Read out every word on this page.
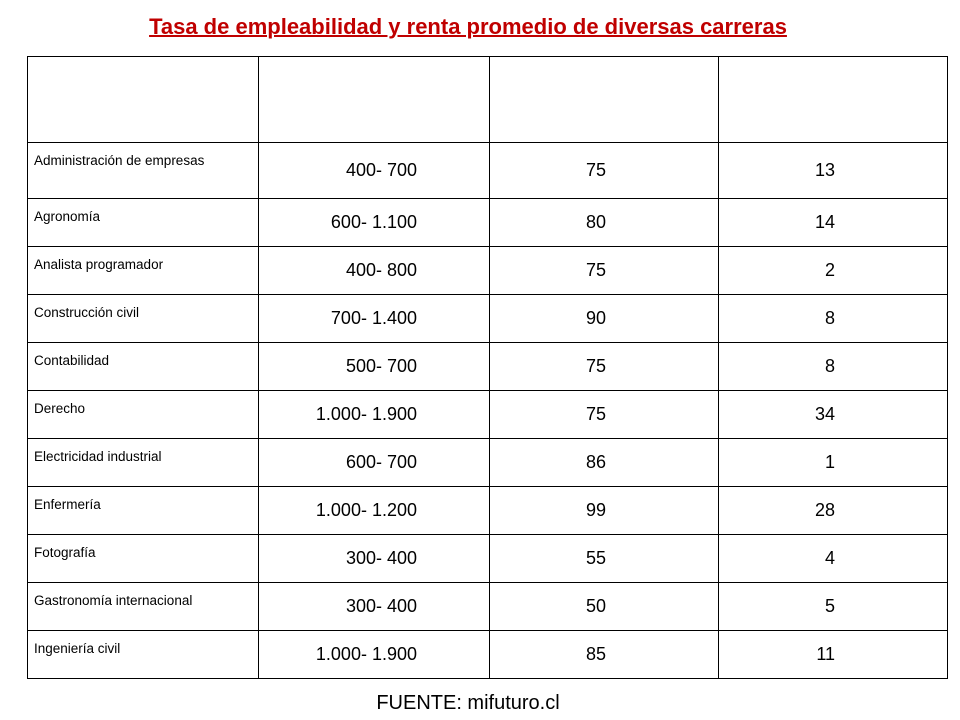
Tasa de empleabilidad y renta promedio de diversas carreras

Administración de empresas	400- 700	75	13
Agronomía	600- 1.100	80	14
Analista programador	400- 800	75	2
Construcción civil	700- 1.400	90	8
Contabilidad	500- 700	75	8
Derecho	1.000- 1.900	75	34
Electricidad industrial	600- 700	86	1
Enfermería	1.000- 1.200	99	28
Fotografía	300- 400	55	4
Gastronomía internacional	300- 400	50	5
Ingeniería civil	1.000- 1.900	85	11
FUENTE: mifuturo.cl
